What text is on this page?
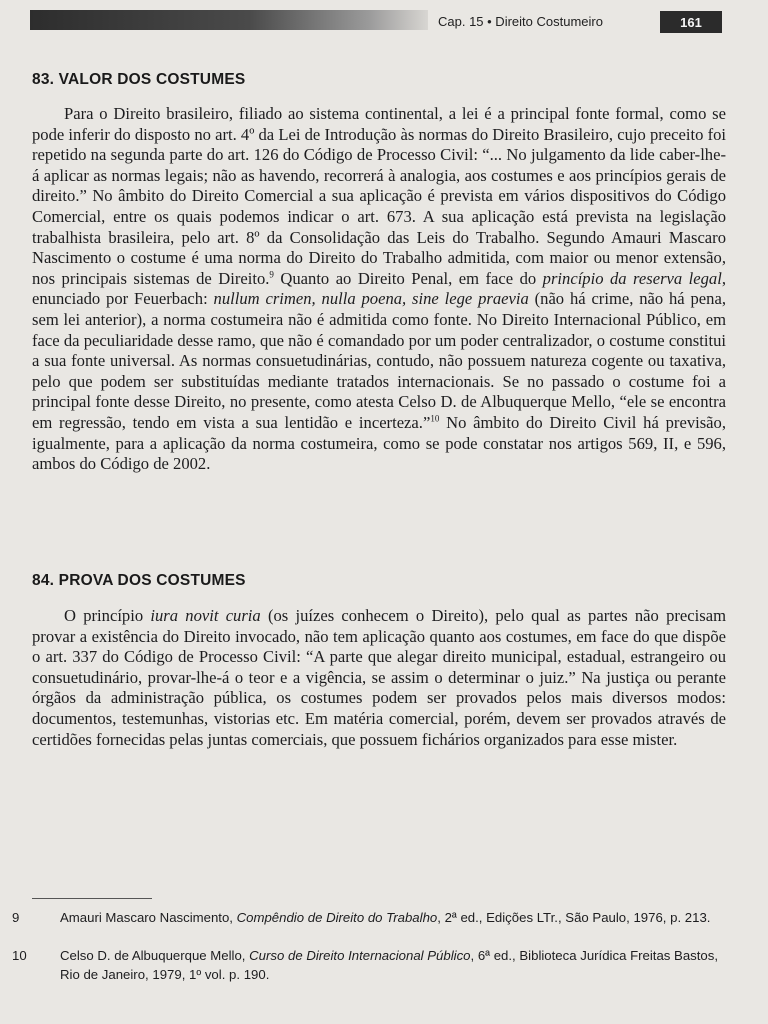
Cap. 15 • Direito Costumeiro	161
83. VALOR DOS COSTUMES

Para o Direito brasileiro, filiado ao sistema continental, a lei é a principal fonte formal, como se pode inferir do disposto no art. 4º da Lei de Introdução às normas do Direito Brasileiro, cujo preceito foi repetido na segunda parte do art. 126 do Código de Processo Civil: “... No julgamento da lide caber-lhe-á aplicar as normas legais; não as havendo, recorrerá à analogia, aos costumes e aos princípios gerais de direito.” No âmbito do Direito Comercial a sua aplicação é prevista em vários dispositivos do Código Comercial, entre os quais podemos indicar o art. 673. A sua aplicação está prevista na legislação trabalhista brasileira, pelo art. 8º da Consolidação das Leis do Trabalho. Segundo Amauri Mascaro Nascimento o costume é uma norma do Direito do Trabalho admitida, com maior ou menor extensão, nos principais sistemas de Direito.$^9$ Quanto ao Direito Penal, em face do princípio da reserva legal, enunciado por Feuerbach: nullum crimen, nulla poena, sine lege praevia (não há crime, não há pena, sem lei anterior), a norma costumeira não é admitida como fonte. No Direito Internacional Público, em face da peculiaridade desse ramo, que não é comandado por um poder centralizador, o costume constitui a sua fonte universal. As normas consuetudinárias, contudo, não possuem natureza cogente ou taxativa, pelo que podem ser substituídas mediante tratados internacionais. Se no passado o costume foi a principal fonte desse Direito, no presente, como atesta Celso D. de Albuquerque Mello, “ele se encontra em regressão, tendo em vista a sua lentidão e incerteza.”$^{10}$ No âmbito do Direito Civil há previsão, igualmente, para a aplicação da norma costumeira, como se pode constatar nos artigos 569, II, e 596, ambos do Código de 2002.

84. PROVA DOS COSTUMES

O princípio iura novit curia (os juízes conhecem o Direito), pelo qual as partes não precisam provar a existência do Direito invocado, não tem aplicação quanto aos costumes, em face do que dispõe o art. 337 do Código de Processo Civil: “A parte que alegar direito municipal, estadual, estrangeiro ou consuetudinário, provar-lhe-á o teor e a vigência, se assim o determinar o juiz.” Na justiça ou perante órgãos da administração pública, os costumes podem ser provados pelos mais diversos modos: documentos, testemunhas, vistorias etc. Em matéria comercial, porém, devem ser provados através de certidões fornecidas pelas juntas comerciais, que possuem fichários organizados para esse mister.

9	Amauri Mascaro Nascimento, Compêndio de Direito do Trabalho, 2ª ed., Edições LTr., São Paulo, 1976, p. 213.
10	Celso D. de Albuquerque Mello, Curso de Direito Internacional Público, 6ª ed., Biblioteca Jurídica Freitas Bastos, Rio de Janeiro, 1979, 1º vol. p. 190.
